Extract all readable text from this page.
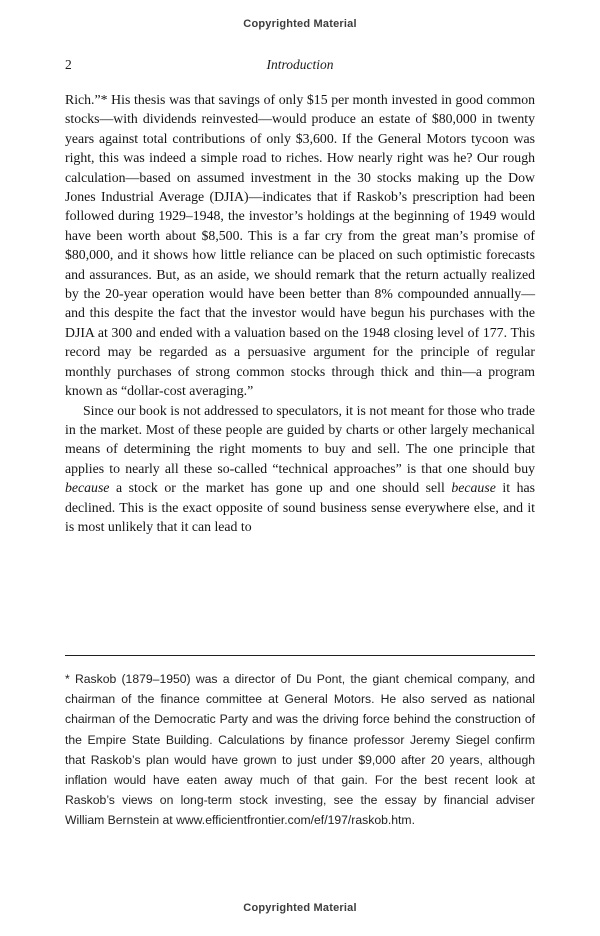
Copyrighted Material
2	Introduction

Rich.”* His thesis was that savings of only $15 per month invested in good common stocks—with dividends reinvested—would produce an estate of $80,000 in twenty years against total contributions of only $3,600. If the General Motors tycoon was right, this was indeed a simple road to riches. How nearly right was he? Our rough calculation—based on assumed investment in the 30 stocks making up the Dow Jones Industrial Average (DJIA)—indicates that if Raskob’s prescription had been followed during 1929–1948, the investor’s holdings at the beginning of 1949 would have been worth about $8,500. This is a far cry from the great man’s promise of $80,000, and it shows how little reliance can be placed on such optimistic forecasts and assurances. But, as an aside, we should remark that the return actually realized by the 20-year operation would have been better than 8% compounded annually—and this despite the fact that the investor would have begun his purchases with the DJIA at 300 and ended with a valuation based on the 1948 closing level of 177. This record may be regarded as a persuasive argument for the principle of regular monthly purchases of strong common stocks through thick and thin—a program known as “dollar-cost averaging.”

Since our book is not addressed to speculators, it is not meant for those who trade in the market. Most of these people are guided by charts or other largely mechanical means of determining the right moments to buy and sell. The one principle that applies to nearly all these so-called “technical approaches” is that one should buy because a stock or the market has gone up and one should sell because it has declined. This is the exact opposite of sound business sense everywhere else, and it is most unlikely that it can lead to

* Raskob (1879–1950) was a director of Du Pont, the giant chemical company, and chairman of the finance committee at General Motors. He also served as national chairman of the Democratic Party and was the driving force behind the construction of the Empire State Building. Calculations by finance professor Jeremy Siegel confirm that Raskob’s plan would have grown to just under $9,000 after 20 years, although inflation would have eaten away much of that gain. For the best recent look at Raskob’s views on long-term stock investing, see the essay by financial adviser William Bernstein at www.efficientfrontier.com/ef/197/raskob.htm.
Copyrighted Material
